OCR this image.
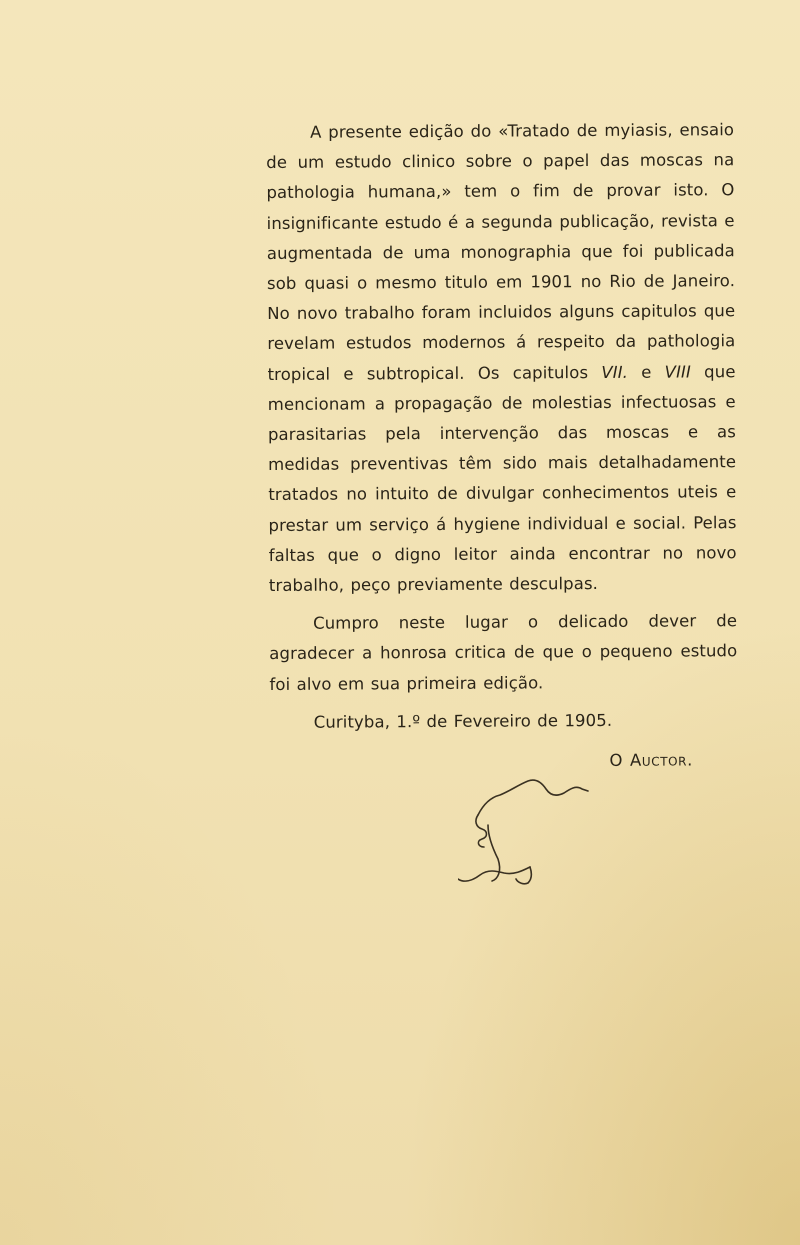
A presente edição do «Tratado de myiasis, ensaio de um estudo clinico sobre o papel das moscas na pathologia humana,» tem o fim de provar isto. O insignificante estudo é a segunda publicação, revista e augmentada de uma monographia que foi publicada sob quasi o mesmo titulo em 1901 no Rio de Janeiro. No novo trabalho foram incluidos alguns capitulos que revelam estudos modernos á respeito da pathologia tropical e subtropical. Os capitulos VII. e VIII que mencionam a propagação de molestias infectuosas e parasitarias pela intervenção das moscas e as medidas preventivas têm sido mais detalhadamente tratados no intuito de divulgar conhecimentos uteis e prestar um serviço á hygiene individual e social. Pelas faltas que o digno leitor ainda encontrar no novo trabalho, peço previamente desculpas.

Cumpro neste lugar o delicado dever de agradecer a honrosa critica de que o pequeno estudo foi alvo em sua primeira edição.

Curityba, 1.º de Fevereiro de 1905.

O Auctor.
